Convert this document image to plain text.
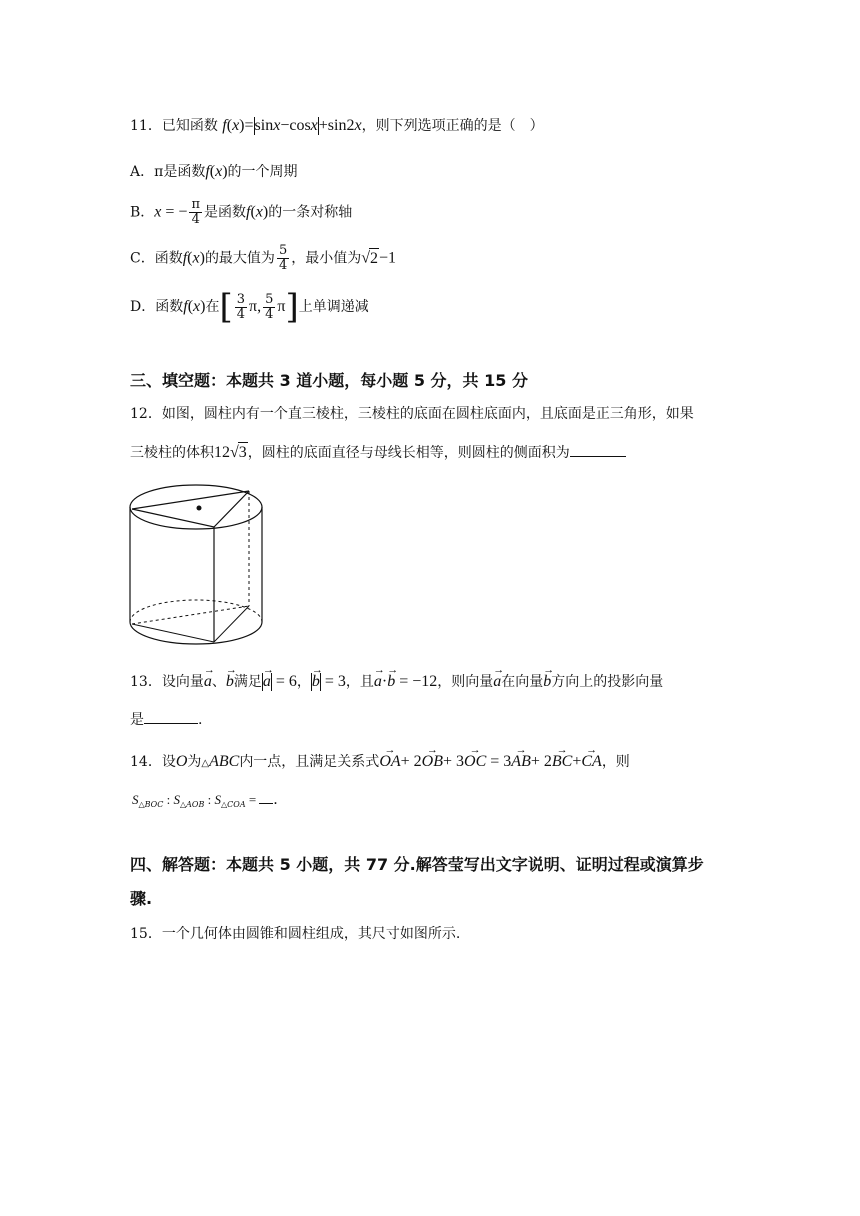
11．已知函数 f(x)=sinx−cosx+sin2x，则下列选项正确的是（　）
A．π是函数f(x)的一个周期
B．x = − $\frac{\pi}{4}$ 是函数f(x)的一条对称轴
C．函数f(x)的最大值为 $\frac{5}{4}$ ，最小值为√2−1
D．函数f(x)在[ $\frac{3}{4} \pi$, $\frac{5}{4} \pi$]上单调递减
三、填空题：本题共 3 道小题，每小题 5 分，共 15 分
12．如图，圆柱内有一个直三棱柱，三棱柱的底面在圆柱底面内，且底面是正三角形，如果
三棱柱的体积12√3，圆柱的底面直径与母线长相等，则圆柱的侧面积为
13．设向量→ a、→ b满足→ a = 6，→ b = 3，且→ a·→ b = −12，则向量→ a在向量→ b方向上的投影向量
是	.
14．设O为△ABC内一点，且满足关系式→ OA+ 2→ OB+ 3→ OC = 3→ AB+ 2→ BC+→ CA，则
$S_{\triangle BOC}$ : $S_{\triangle AOB}$ : $S_{\triangle COA}$ = .
四、解答题：本题共 5 小题，共 77 分.解答莹写出文字说明、证明过程或演算步
骤.
15．一个几何体由圆锥和圆柱组成，其尺寸如图所示.
